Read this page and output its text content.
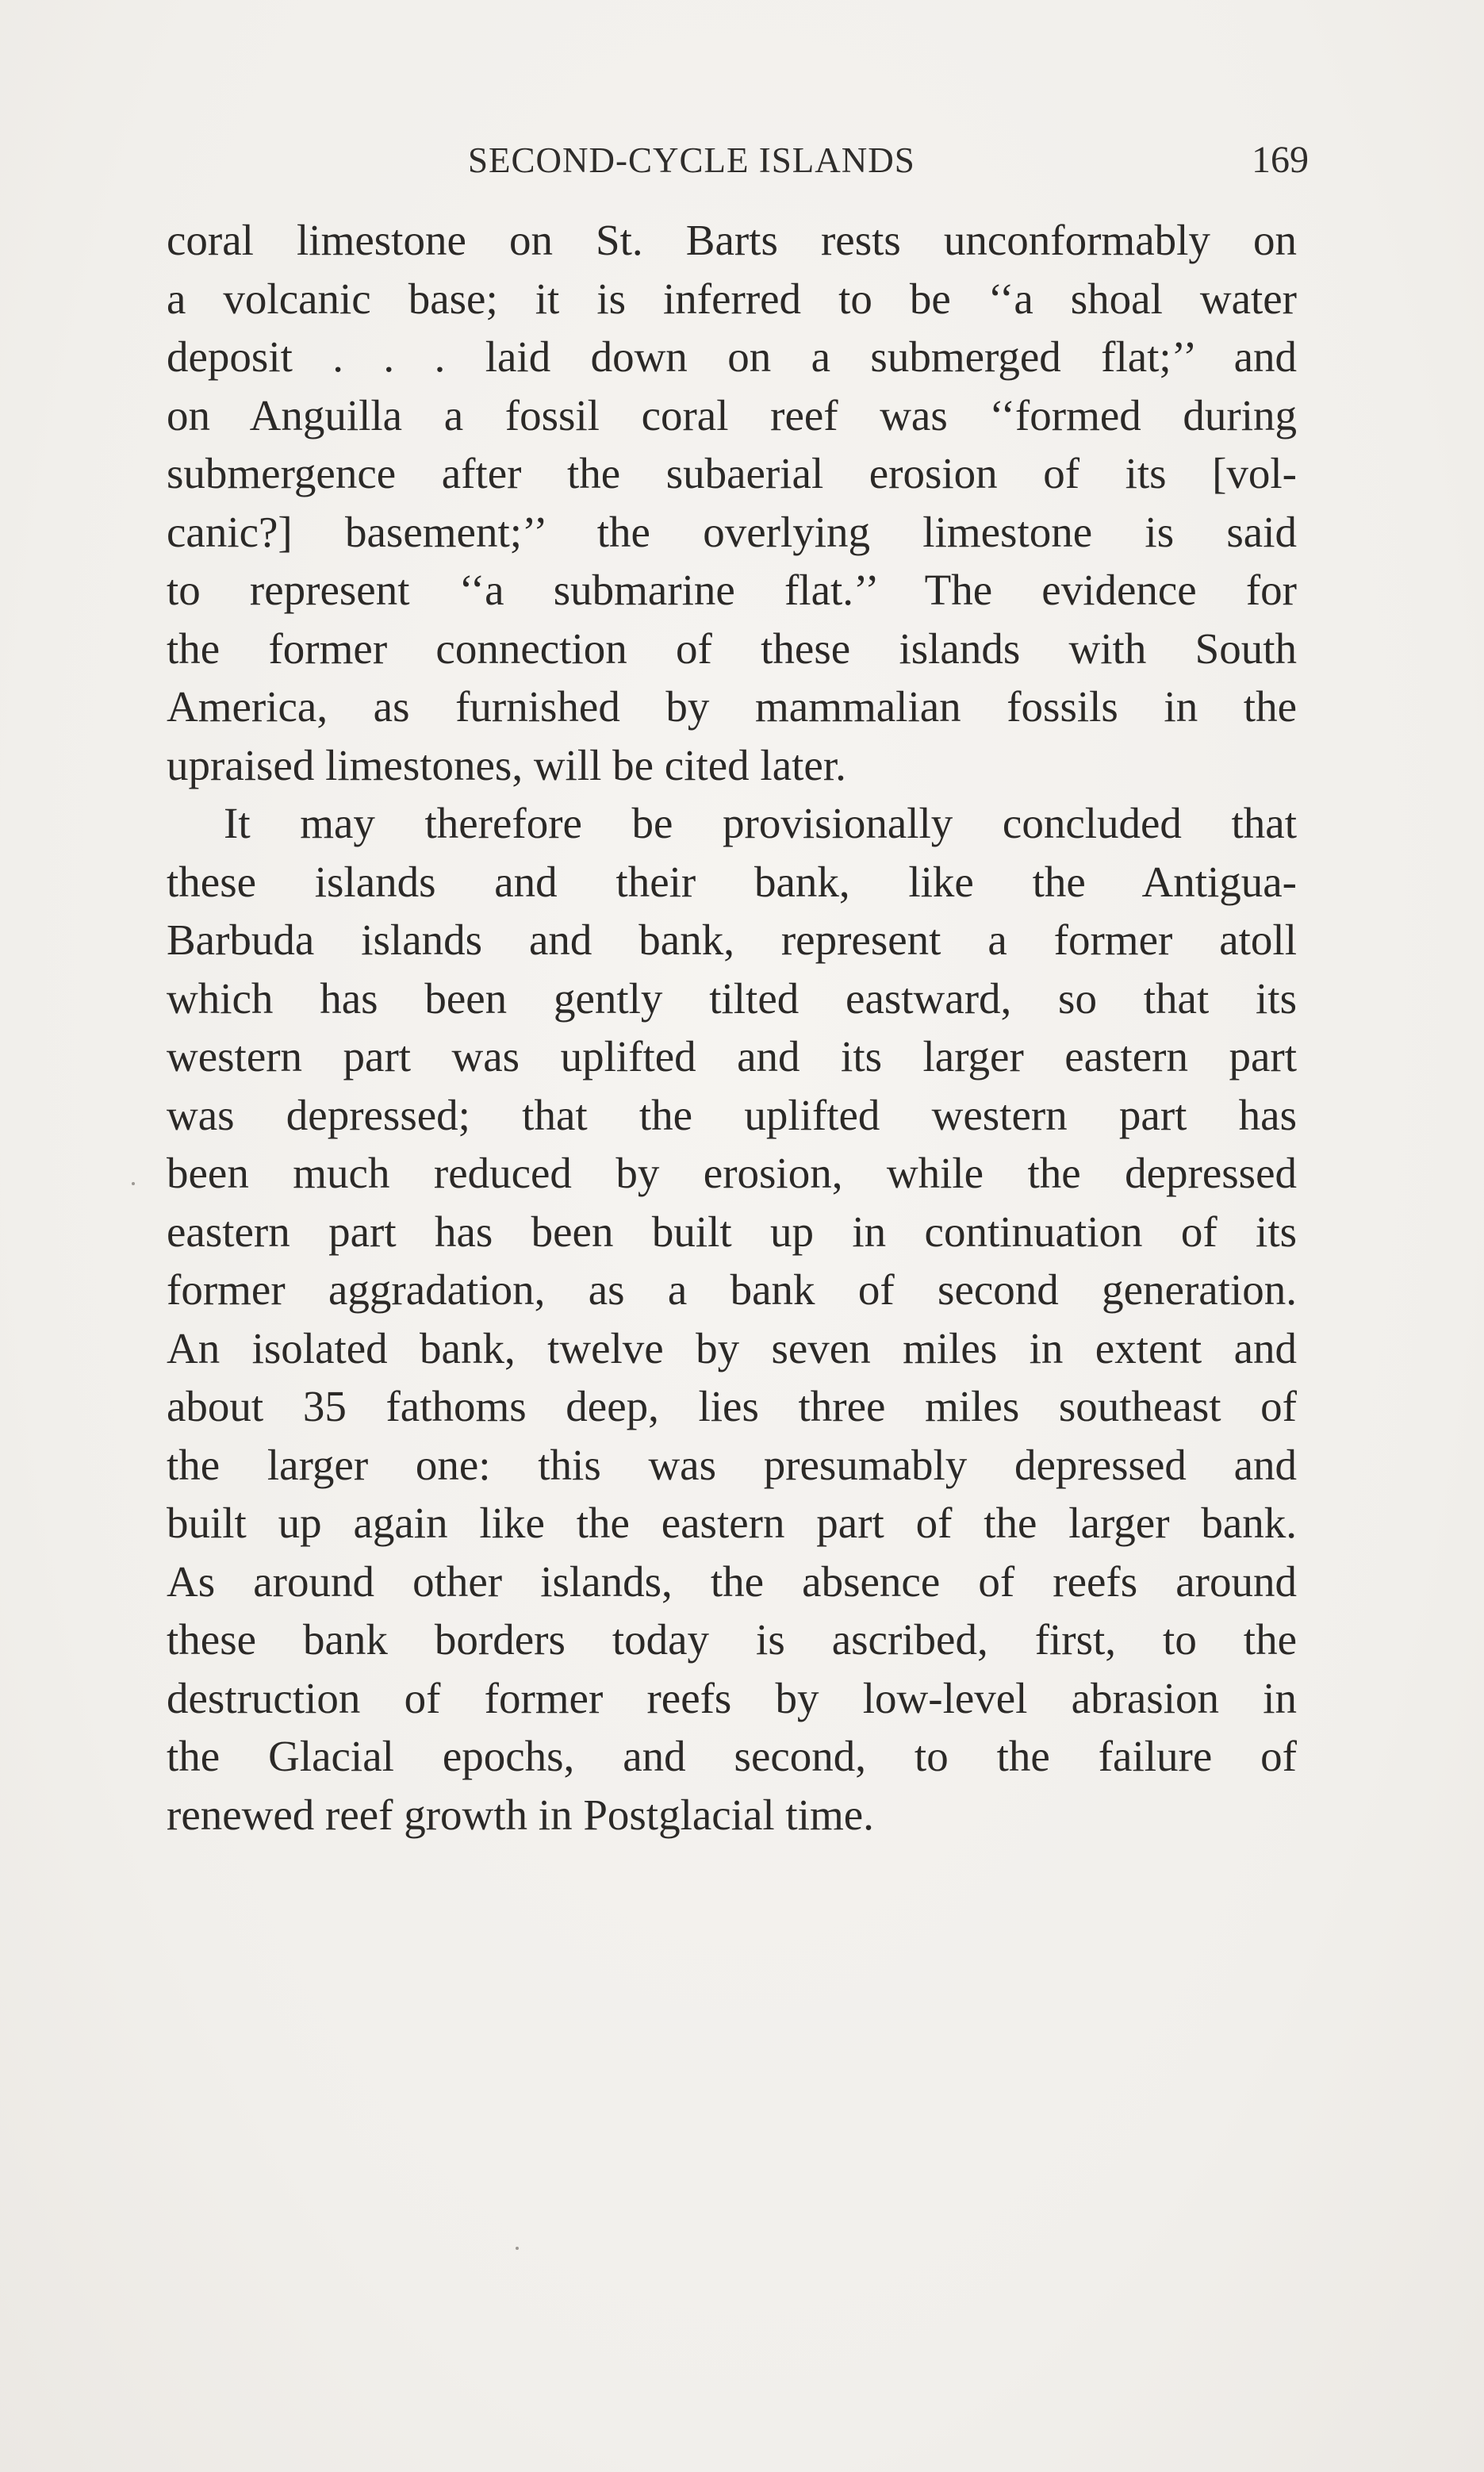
SECOND-CYCLE ISLANDS	169
coral limestone on St. Barts rests unconformably on
a volcanic base; it is inferred to be ‘‘a shoal water
deposit . . . laid down on a submerged flat;’’ and
on Anguilla a fossil coral reef was ‘‘formed during
submergence after the subaerial erosion of its [vol-
canic?] basement;’’ the overlying limestone is said
to represent ‘‘a submarine flat.’’ The evidence for
the former connection of these islands with South
America, as furnished by mammalian fossils in the
upraised limestones, will be cited later.
It may therefore be provisionally concluded that
these islands and their bank, like the Antigua-
Barbuda islands and bank, represent a former atoll
which has been gently tilted eastward, so that its
western part was uplifted and its larger eastern part
was depressed; that the uplifted western part has
been much reduced by erosion, while the depressed
eastern part has been built up in continuation of its
former aggradation, as a bank of second generation.
An isolated bank, twelve by seven miles in extent and
about 35 fathoms deep, lies three miles southeast of
the larger one: this was presumably depressed and
built up again like the eastern part of the larger bank.
As around other islands, the absence of reefs around
these bank borders today is ascribed, first, to the
destruction of former reefs by low-level abrasion in
the Glacial epochs, and second, to the failure of
renewed reef growth in Postglacial time.
